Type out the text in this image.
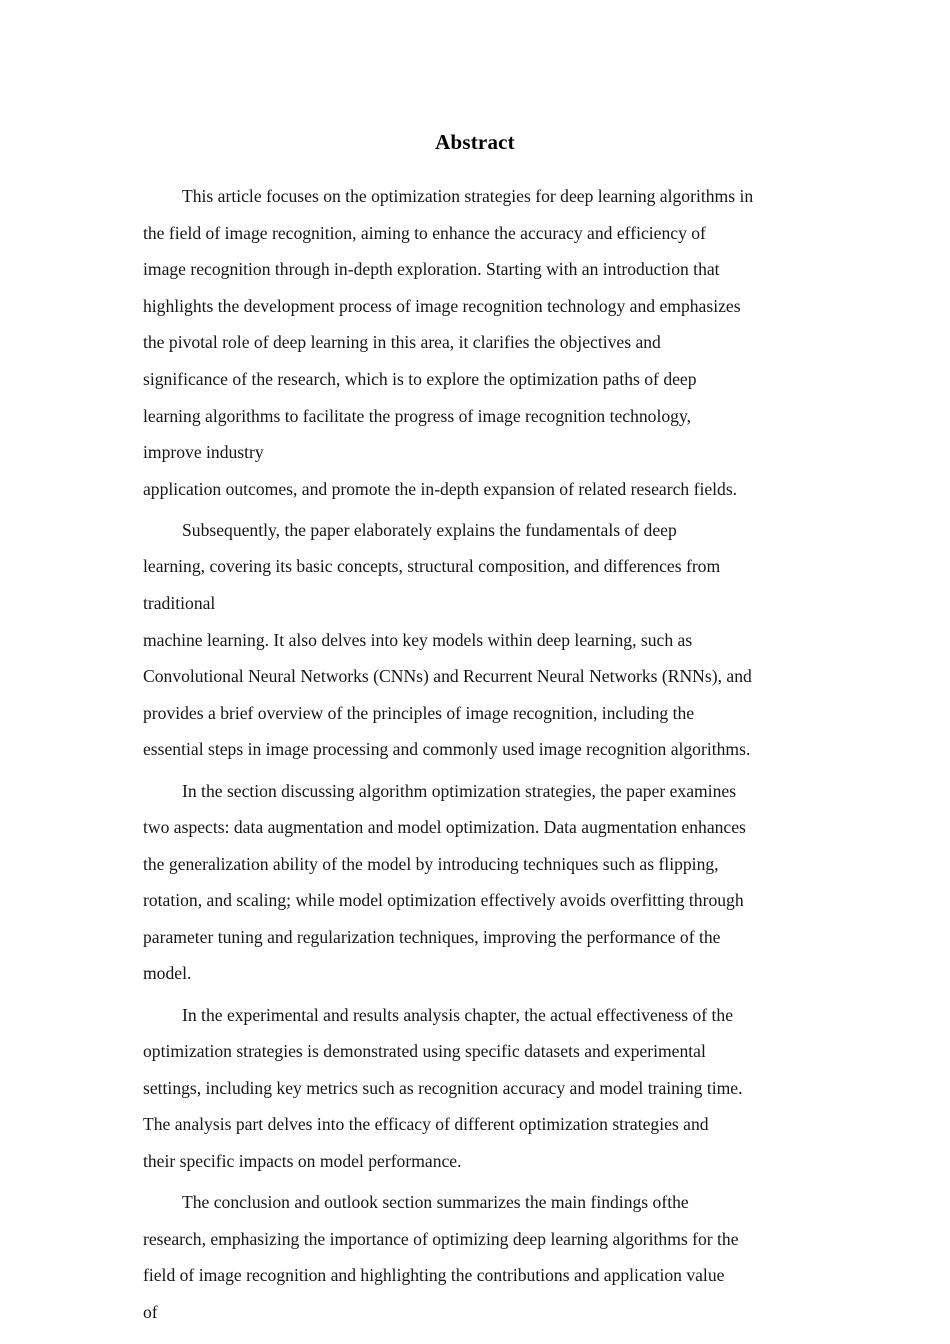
Abstract

This article focuses on the optimization strategies for deep learning algorithms in
the field of image recognition, aiming to enhance the accuracy and efficiency of
image recognition through in-depth exploration. Starting with an introduction that
highlights the development process of image recognition technology and emphasizes
the pivotal role of deep learning in this area, it clarifies the objectives and
significance of the research, which is to explore the optimization paths of deep
learning algorithms to facilitate the progress of image recognition technology,
improve industry
application outcomes, and promote the in-depth expansion of related research fields.

Subsequently, the paper elaborately explains the fundamentals of deep
learning, covering its basic concepts, structural composition, and differences from
traditional
machine learning. It also delves into key models within deep learning, such as
Convolutional Neural Networks (CNNs) and Recurrent Neural Networks (RNNs), and
provides a brief overview of the principles of image recognition, including the
essential steps in image processing and commonly used image recognition algorithms.

In the section discussing algorithm optimization strategies, the paper examines
two aspects: data augmentation and model optimization. Data augmentation enhances
the generalization ability of the model by introducing techniques such as flipping,
rotation, and scaling; while model optimization effectively avoids overfitting through
parameter tuning and regularization techniques, improving the performance of the
model.

In the experimental and results analysis chapter, the actual effectiveness of the
optimization strategies is demonstrated using specific datasets and experimental
settings, including key metrics such as recognition accuracy and model training time.
The analysis part delves into the efficacy of different optimization strategies and
their specific impacts on model performance.

The conclusion and outlook section summarizes the main findings ofthe
research, emphasizing the importance of optimizing deep learning algorithms for the
field of image recognition and highlighting the contributions and application value
of
